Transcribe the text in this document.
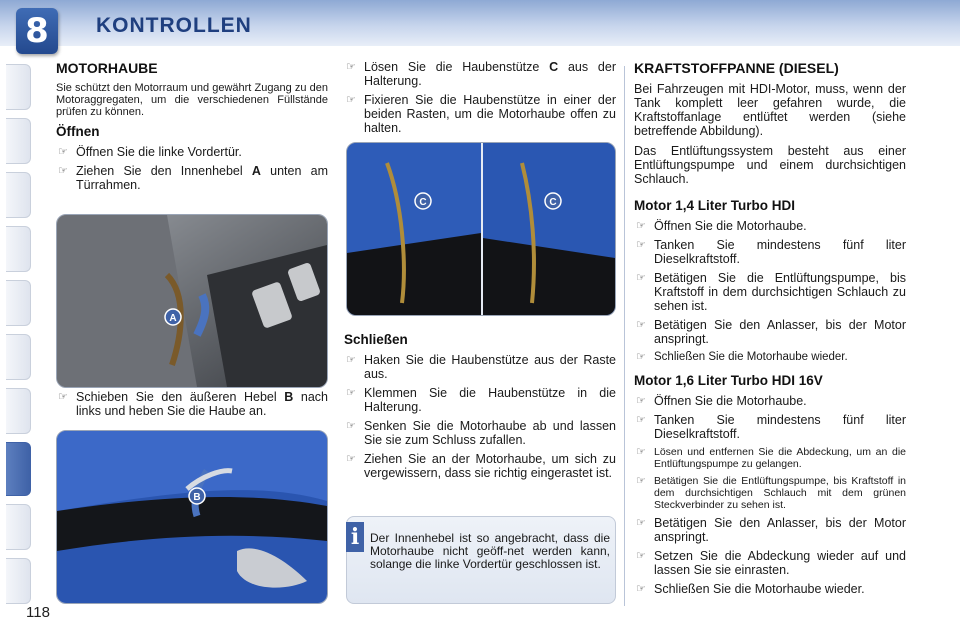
8	KONTROLLEN
118
MOTORHAUBE

Sie schützt den Motorraum und gewährt Zugang zu den Motoraggregaten, um die verschiedenen Füllstände prüfen zu können.

Öffnen
☞ Öffnen Sie die linke Vordertür.
☞ Ziehen Sie den Innenhebel A unten am Türrahmen.
A
☞ Schieben Sie den äußeren Hebel B nach links und heben Sie die Haube an.
B
☞ Lösen Sie die Haubenstütze C aus der Halterung.
☞ Fixieren Sie die Haubenstütze in einer der beiden Rasten, um die Motorhaube offen zu halten.
C	C
Schließen
☞ Haken Sie die Haubenstütze aus der Raste aus.
☞ Klemmen Sie die Haubenstütze in die Halterung.
☞ Senken Sie die Motorhaube ab und lassen Sie sie zum Schluss zufallen.
☞ Ziehen Sie an der Motorhaube, um sich zu vergewissern, dass sie richtig eingerastet ist.
i Der Innenhebel ist so angebracht, dass die Motorhaube nicht geöff-net werden kann, solange die linke Vordertür geschlossen ist.
KRAFTSTOFFPANNE (DIESEL)

Bei Fahrzeugen mit HDI-Motor, muss, wenn der Tank komplett leer gefahren wurde, die Kraftstoffanlage entlüftet werden (siehe betreffende Abbildung).

Das Entlüftungssystem besteht aus einer Entlüftungspumpe und einem durchsichtigen Schlauch.

Motor 1,4 Liter Turbo HDI
☞ Öffnen Sie die Motorhaube.
☞ Tanken Sie mindestens fünf liter Dieselkraftstoff.
☞ Betätigen Sie die Entlüftungspumpe, bis Kraftstoff in dem durchsichtigen Schlauch zu sehen ist.
☞ Betätigen Sie den Anlasser, bis der Motor anspringt.
☞ Schließen Sie die Motorhaube wieder.
Motor 1,6 Liter Turbo HDI 16V
☞ Öffnen Sie die Motorhaube.
☞ Tanken Sie mindestens fünf liter Dieselkraftstoff.
☞ Lösen und entfernen Sie die Abdeckung, um an die Entlüftungspumpe zu gelangen.
☞ Betätigen Sie die Entlüftungspumpe, bis Kraftstoff in dem durchsichtigen Schlauch mit dem grünen Steckverbinder zu sehen ist.
☞ Betätigen Sie den Anlasser, bis der Motor anspringt.
☞ Setzen Sie die Abdeckung wieder auf und lassen Sie sie einrasten.
☞ Schließen Sie die Motorhaube wieder.
